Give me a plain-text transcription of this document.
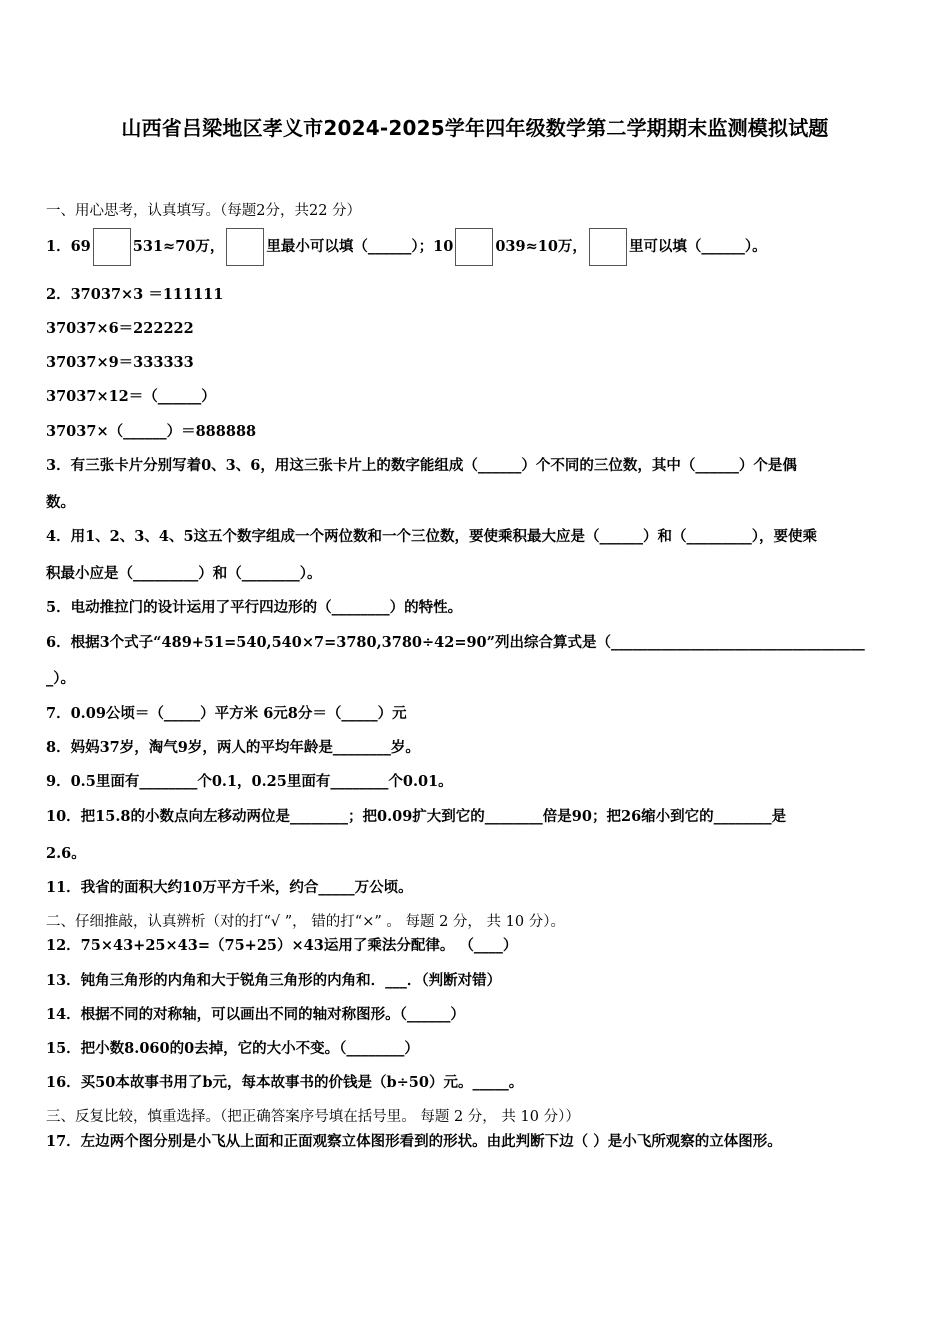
山西省吕梁地区孝义市2024-2025学年四年级数学第二学期期末监测模拟试题
一、用心思考，认真填写。（每题2分，共22 分）
1．69	531≈70万，	里最小可以填（______）；10	039≈10万，	里可以填（______）。
2．37037×3 ＝111111
37037×6＝222222
37037×9＝333333
37037×12＝（______）
37037×（______）＝888888
3．有三张卡片分别写着0、3、6，用这三张卡片上的数字能组成（______）个不同的三位数，其中（______）个是偶
数。
4．用1、2、3、4、5这五个数字组成一个两位数和一个三位数，要使乘积最大应是（______）和（_________），要使乘
积最小应是（_________）和（________）。
5．电动推拉门的设计运用了平行四边形的（________）的特性。
6．根据3个式子“489+51=540,540×7=3780,3780÷42=90”列出综合算式是（___________________________________
_）。
7．0.09公顷＝（_____）平方米 6元8分＝（_____）元
8．妈妈37岁，淘气9岁，两人的平均年龄是________岁。
9．0.5里面有________个0.1，0.25里面有________个0.01。
10．把15.8的小数点向左移动两位是________；把0.09扩大到它的________倍是90；把26缩小到它的________是
2.6。
11．我省的面积大约10万平方千米，约合_____万公顷。
二、仔细推敲，认真辨析（对的打“√ ”， 错的打“×” 。 每题 2 分， 共 10 分）。
12．75×43+25×43=（75+25）×43运用了乘法分配律。 （____）
13．钝角三角形的内角和大于锐角三角形的内角和．___．（判断对错）
14．根据不同的对称轴，可以画出不同的轴对称图形。（______）
15．把小数8.060的0去掉，它的大小不变。（________）
16．买50本故事书用了b元，每本故事书的价钱是（b÷50）元。_____。
三、反复比较，慎重选择。（把正确答案序号填在括号里。 每题 2 分， 共 10 分））
17．左边两个图分别是小飞从上面和正面观察立体图形看到的形状。由此判断下边（ ）是小飞所观察的立体图形。
